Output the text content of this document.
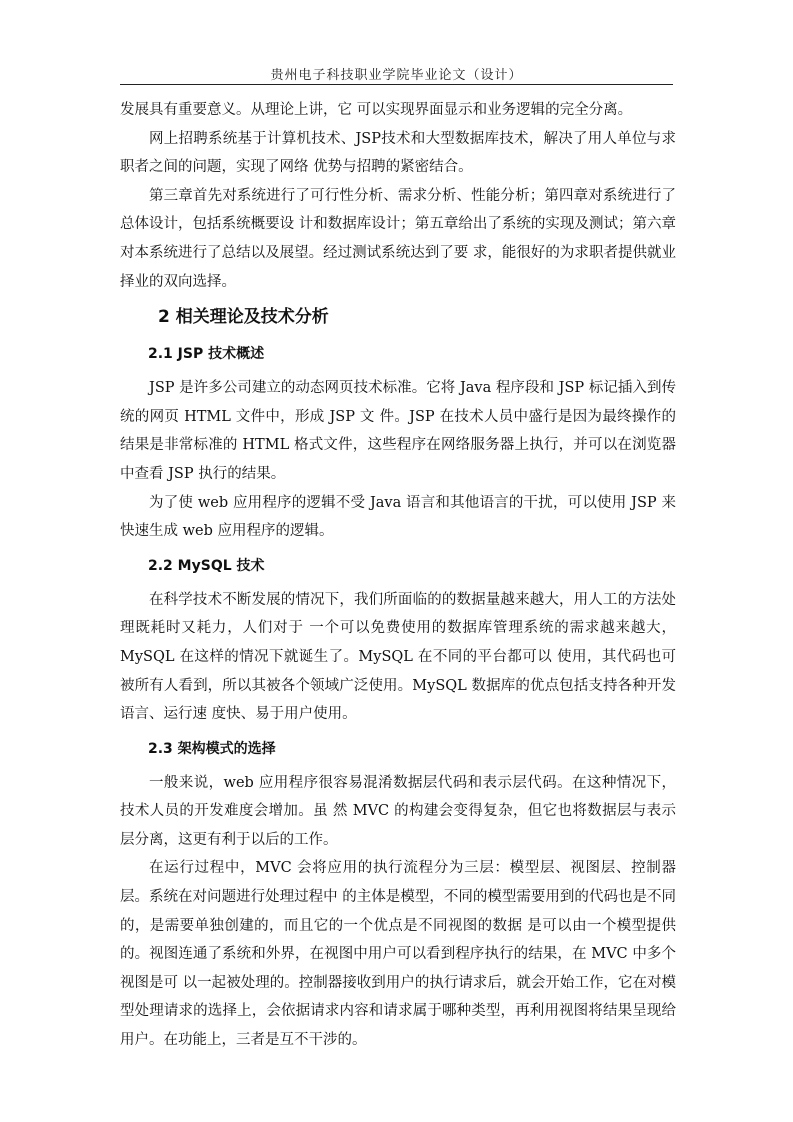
贵州电子科技职业学院毕业论文（设计）

发展具有重要意义。从理论上讲，它 可以实现界面显示和业务逻辑的完全分离。

网上招聘系统基于计算机技术、JSP技术和大型数据库技术，解决了用人单位与求职者之间的问题，实现了网络 优势与招聘的紧密结合。

第三章首先对系统进行了可行性分析、需求分析、性能分析；第四章对系统进行了总体设计，包括系统概要设 计和数据库设计；第五章给出了系统的实现及测试；第六章对本系统进行了总结以及展望。经过测试系统达到了要 求，能很好的为求职者提供就业择业的双向选择。

2 相关理论及技术分析
2.1 JSP 技术概述

JSP 是许多公司建立的动态网页技术标准。它将 Java 程序段和 JSP 标记插入到传统的网页 HTML 文件中，形成 JSP 文 件。JSP 在技术人员中盛行是因为最终操作的结果是非常标准的 HTML 格式文件，这些程序在网络服务器上执行，并可以在浏览器中查看 JSP 执行的结果。

为了使 web 应用程序的逻辑不受 Java 语言和其他语言的干扰，可以使用 JSP 来快速生成 web 应用程序的逻辑。

2.2 MySQL 技术

在科学技术不断发展的情况下，我们所面临的的数据量越来越大，用人工的方法处理既耗时又耗力，人们对于 一个可以免费使用的数据库管理系统的需求越来越大，MySQL 在这样的情况下就诞生了。MySQL 在不同的平台都可以 使用，其代码也可被所有人看到，所以其被各个领域广泛使用。MySQL 数据库的优点包括支持各种开发语言、运行速 度快、易于用户使用。

2.3 架构模式的选择

一般来说，web 应用程序很容易混淆数据层代码和表示层代码。在这种情况下，技术人员的开发难度会增加。虽 然 MVC 的构建会变得复杂，但它也将数据层与表示层分离，这更有利于以后的工作。

在运行过程中，MVC 会将应用的执行流程分为三层：模型层、视图层、控制器层。系统在对问题进行处理过程中 的主体是模型，不同的模型需要用到的代码也是不同的，是需要单独创建的，而且它的一个优点是不同视图的数据 是可以由一个模型提供的。视图连通了系统和外界，在视图中用户可以看到程序执行的结果，在 MVC 中多个视图是可 以一起被处理的。控制器接收到用户的执行请求后，就会开始工作，它在对模型处理请求的选择上，会依据请求内容和请求属于哪种类型，再利用视图将结果呈现给用户。在功能上，三者是互不干涉的。
